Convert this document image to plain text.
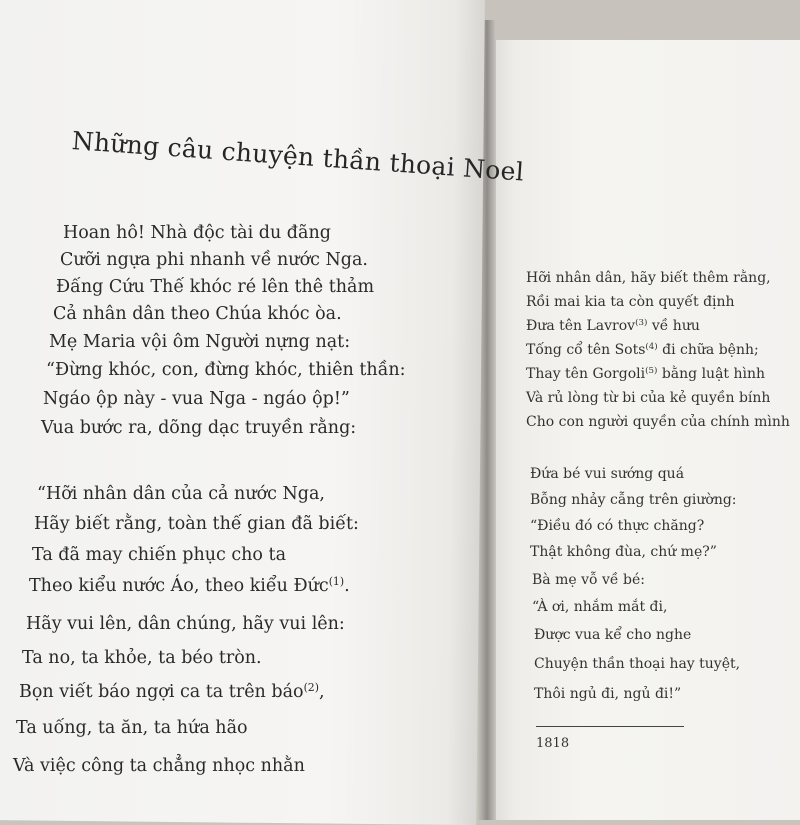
Những câu chuyện thần thoại Noel
Hoan hô! Nhà độc tài du đãng
Cưỡi ngựa phi nhanh về nước Nga.
Đấng Cứu Thế khóc ré lên thê thảm
Cả nhân dân theo Chúa khóc òa.
Mẹ Maria vội ôm Người nựng nạt:
“Đừng khóc, con, đừng khóc, thiên thần:
Ngáo ộp này - vua Nga - ngáo ộp!”
Vua bước ra, dõng dạc truyền rằng:
“Hỡi nhân dân của cả nước Nga,
Hãy biết rằng, toàn thế gian đã biết:
Ta đã may chiến phục cho ta
Theo kiểu nước Áo, theo kiểu Đức$^{(1)}$.
Hãy vui lên, dân chúng, hãy vui lên:
Ta no, ta khỏe, ta béo tròn.
Bọn viết báo ngợi ca ta trên báo$^{(2)}$,
Ta uống, ta ăn, ta hứa hão
Và việc công ta chẳng nhọc nhằn
Hỡi nhân dân, hãy biết thêm rằng,
Rồi mai kia ta còn quyết định
Đưa tên Lavrov$^{(3)}$ về hưu
Tống cổ tên Sots$^{(4)}$ đi chữa bệnh;
Thay tên Gorgoli$^{(5)}$ bằng luật hình
Và rủ lòng từ bi của kẻ quyền bính
Cho con người quyền của chính mình
Đứa bé vui sướng quá
Bỗng nhảy cẫng trên giường:
“Điều đó có thực chăng?
Thật không đùa, chứ mẹ?”
Bà mẹ vỗ về bé:
“À ơi, nhắm mắt đi,
Được vua kể cho nghe
Chuyện thần thoại hay tuyệt,
Thôi ngủ đi, ngủ đi!”
1818
